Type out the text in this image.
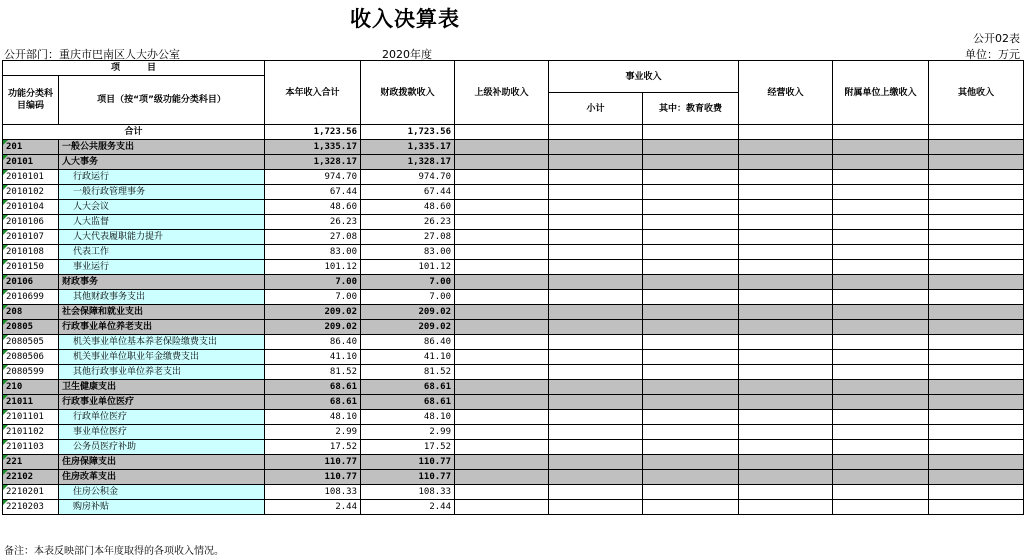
收入决算表
公开02表
公开部门：重庆市巴南区人大办公室	2020年度	单位：万元
项　　　目		本年收入合计	财政拨款收入	上级补助收入	事业收入		经营收入	附属单位上缴收入	其他收入
功能分类科目编码	项目（按“项”级功能分类科目）								
					小计	其中：教育收费			
合计		1,723.56	1,723.56						
201	一般公共服务支出	1,335.17	1,335.17						
20101	人大事务	1,328.17	1,328.17						
2010101	行政运行	974.70	974.70						
2010102	一般行政管理事务	67.44	67.44						
2010104	人大会议	48.60	48.60						
2010106	人大监督	26.23	26.23						
2010107	人大代表履职能力提升	27.08	27.08						
2010108	代表工作	83.00	83.00						
2010150	事业运行	101.12	101.12						
20106	财政事务	7.00	7.00						
2010699	其他财政事务支出	7.00	7.00						
208	社会保障和就业支出	209.02	209.02						
20805	行政事业单位养老支出	209.02	209.02						
2080505	机关事业单位基本养老保险缴费支出	86.40	86.40						
2080506	机关事业单位职业年金缴费支出	41.10	41.10						
2080599	其他行政事业单位养老支出	81.52	81.52						
210	卫生健康支出	68.61	68.61						
21011	行政事业单位医疗	68.61	68.61						
2101101	行政单位医疗	48.10	48.10						
2101102	事业单位医疗	2.99	2.99						
2101103	公务员医疗补助	17.52	17.52						
221	住房保障支出	110.77	110.77						
22102	住房改革支出	110.77	110.77						
2210201	住房公积金	108.33	108.33						
2210203	购房补贴	2.44	2.44						
备注：本表反映部门本年度取得的各项收入情况。
